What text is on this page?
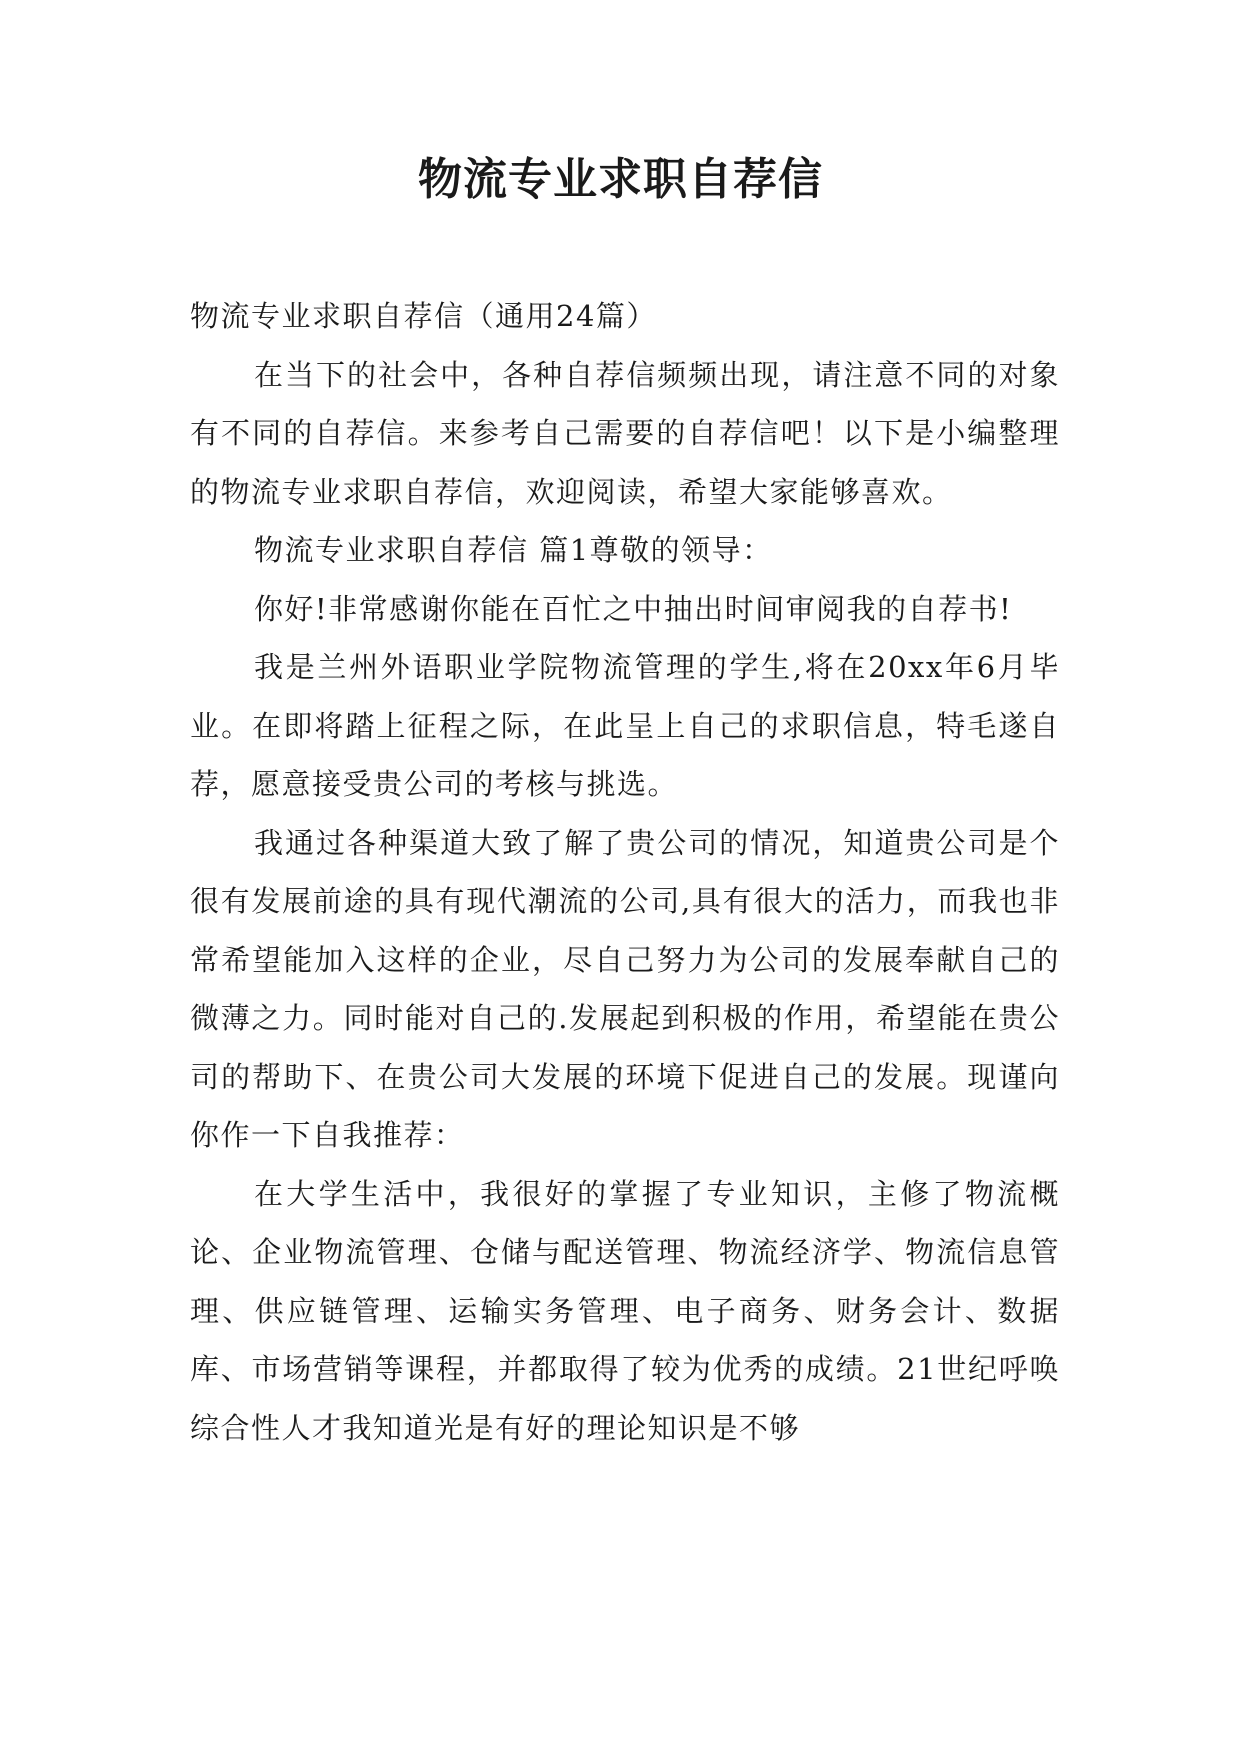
物流专业求职自荐信

物流专业求职自荐信（通用24篇）

在当下的社会中，各种自荐信频频出现，请注意不同的对象有不同的自荐信。来参考自己需要的自荐信吧！以下是小编整理的物流专业求职自荐信，欢迎阅读，希望大家能够喜欢。

物流专业求职自荐信 篇1尊敬的领导：

你好!非常感谢你能在百忙之中抽出时间审阅我的自荐书!

我是兰州外语职业学院物流管理的学生,将在20xx年6月毕业。在即将踏上征程之际，在此呈上自己的求职信息，特毛遂自荐，愿意接受贵公司的考核与挑选。

我通过各种渠道大致了解了贵公司的情况，知道贵公司是个很有发展前途的具有现代潮流的公司,具有很大的活力，而我也非常希望能加入这样的企业，尽自己努力为公司的发展奉献自己的微薄之力。同时能对自己的.发展起到积极的作用，希望能在贵公司的帮助下、在贵公司大发展的环境下促进自己的发展。现谨向你作一下自我推荐：

在大学生活中，我很好的掌握了专业知识，主修了物流概论、企业物流管理、仓储与配送管理、物流经济学、物流信息管理、供应链管理、运输实务管理、电子商务、财务会计、数据库、市场营销等课程，并都取得了较为优秀的成绩。21世纪呼唤综合性人才我知道光是有好的理论知识是不够
